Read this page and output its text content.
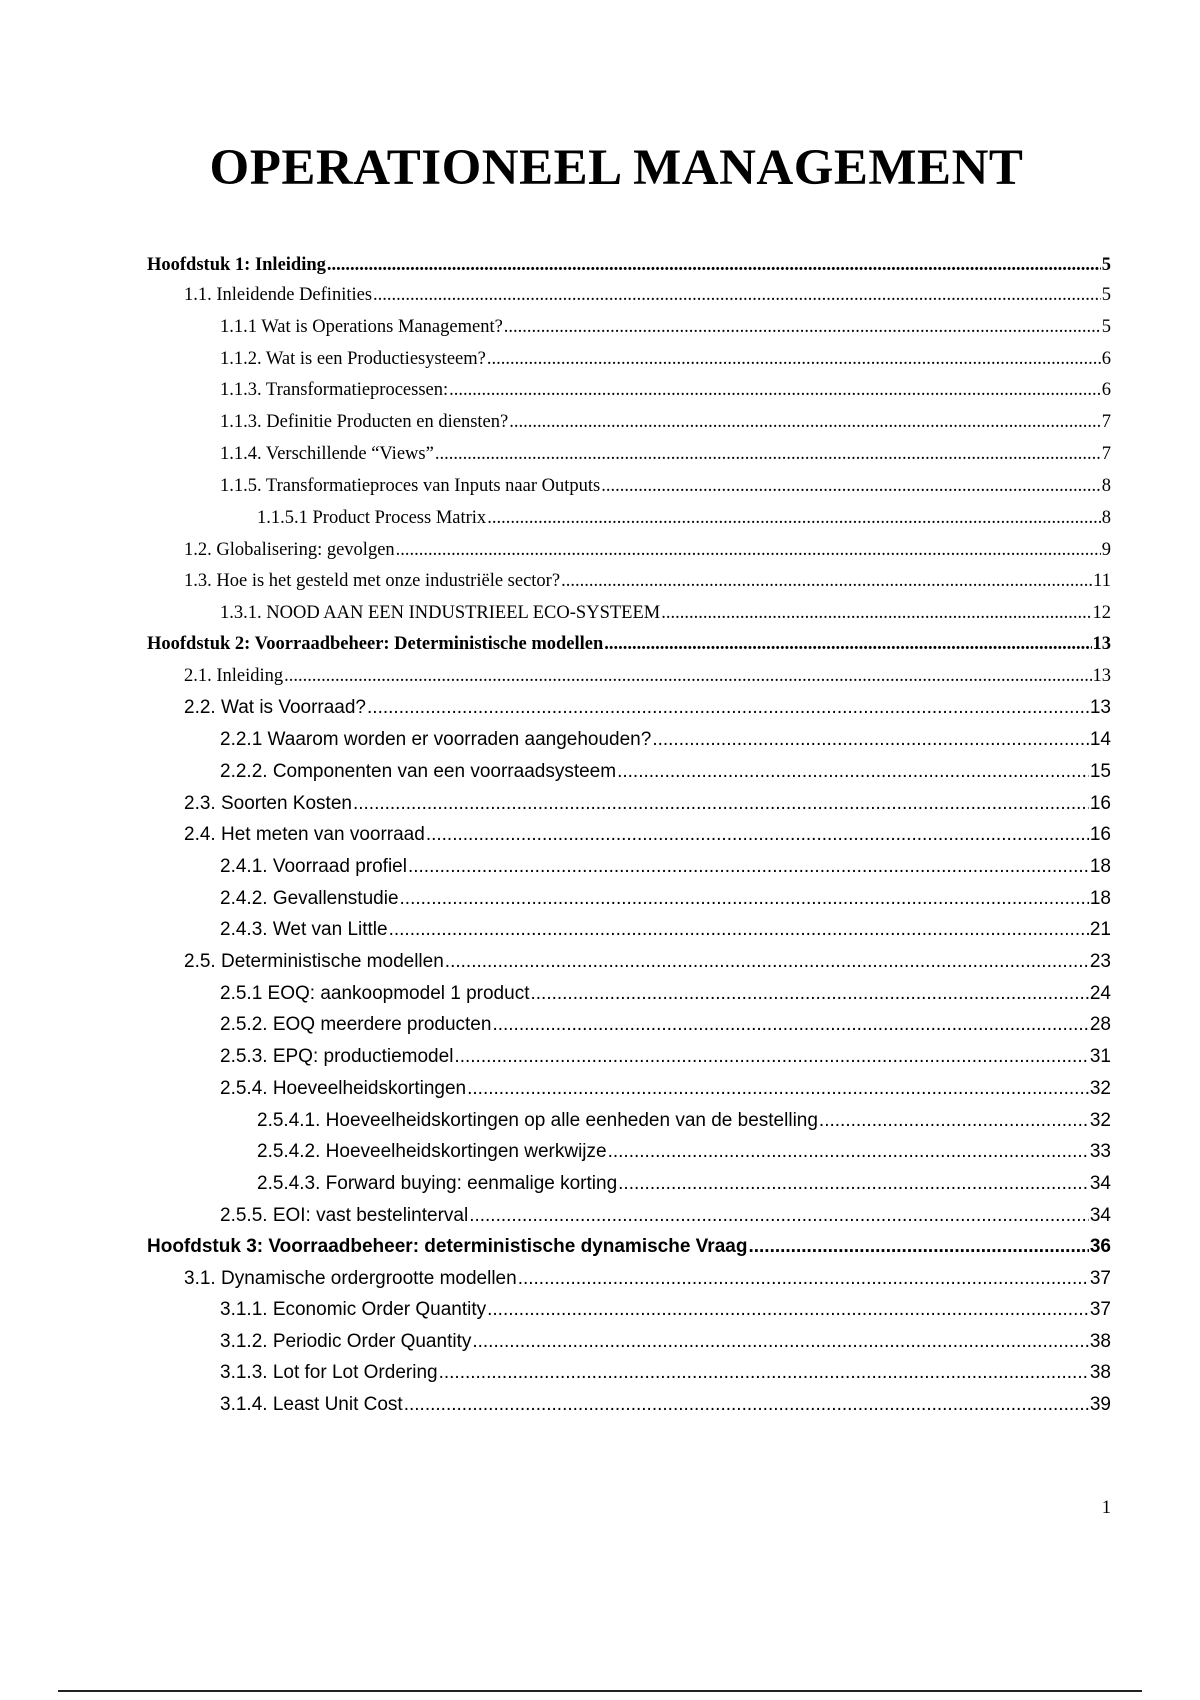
OPERATIONEEL MANAGEMENT
Hoofdstuk 1: Inleiding .....	5
1.1. Inleidende Definities .....	5
1.1.1 Wat is Operations Management? .....	5
1.1.2. Wat is een Productiesysteem? .....	6
1.1.3. Transformatieprocessen: .....	6
1.1.3. Definitie Producten en diensten? .....	7
1.1.4. Verschillende “Views” .....	7
1.1.5. Transformatieproces van Inputs naar Outputs .....	8
1.1.5.1 Product Process Matrix .....	8
1.2. Globalisering: gevolgen .....	9
1.3. Hoe is het gesteld met onze industriële sector? .....	11
1.3.1. NOOD AAN EEN INDUSTRIEEL ECO-SYSTEEM .....	12
Hoofdstuk 2: Voorraadbeheer: Deterministische modellen .....	13
2.1. Inleiding .....	13
2.2. Wat is Voorraad? .....	13
2.2.1 Waarom worden er voorraden aangehouden? .....	14
2.2.2. Componenten van een voorraadsysteem .....	15
2.3. Soorten Kosten .....	16
2.4. Het meten van voorraad .....	16
2.4.1. Voorraad profiel .....	18
2.4.2. Gevallenstudie .....	18
2.4.3. Wet van Little .....	21
2.5. Deterministische modellen .....	23
2.5.1 EOQ: aankoopmodel 1 product .....	24
2.5.2. EOQ meerdere producten .....	28
2.5.3. EPQ: productiemodel .....	31
2.5.4. Hoeveelheidskortingen .....	32
2.5.4.1. Hoeveelheidskortingen op alle eenheden van de bestelling .....	32
2.5.4.2. Hoeveelheidskortingen werkwijze .....	33
2.5.4.3. Forward buying: eenmalige korting .....	34
2.5.5. EOI: vast bestelinterval .....	34
Hoofdstuk 3: Voorraadbeheer: deterministische dynamische Vraag .....	36
3.1. Dynamische ordergrootte modellen .....	37
3.1.1. Economic Order Quantity .....	37
3.1.2. Periodic Order Quantity .....	38
3.1.3. Lot for Lot Ordering .....	38
3.1.4. Least Unit Cost .....	39
1
